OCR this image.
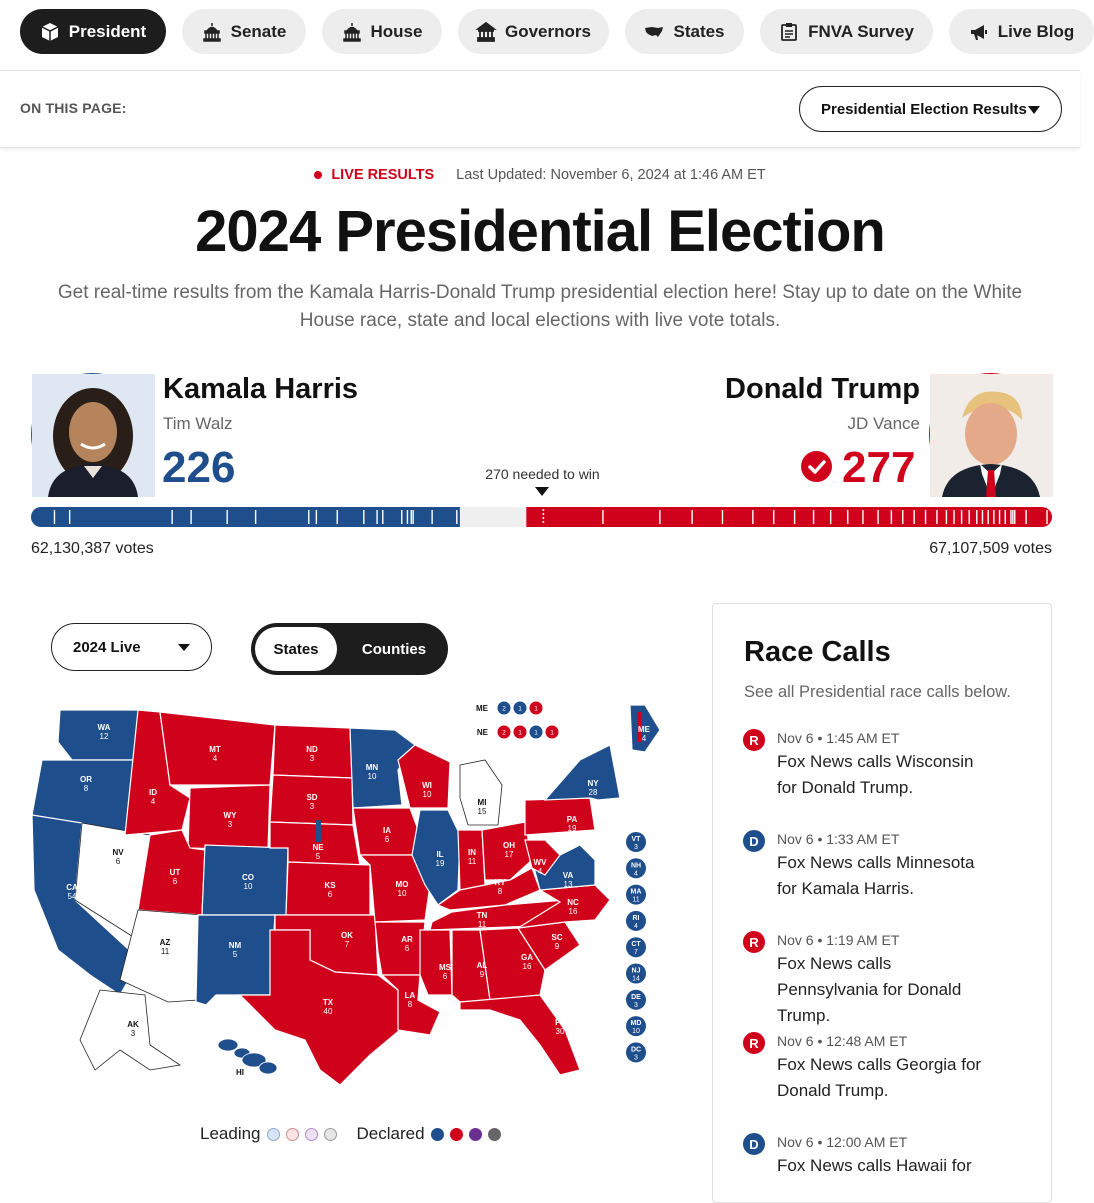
President	Senate	House	Governors	States	FNVA Survey	Live Blog
ON THIS PAGE:	Presidential Election Results
LIVE RESULTS Last Updated: November 6, 2024 at 1:46 AM ET
2024 Presidential Election

Get real-time results from the Kamala Harris-Donald Trump presidential election here! Stay up to date on the White House race, state and local elections with live vote totals.

Kamala Harris
Tim Walz
226
Donald Trump
JD Vance
277
270 needed to win
62,130,387 votes	67,107,509 votes
2024 Live	States	Counties
WA
12
OR
8
CA
54
NV
6
ID
4
MT
4
WY
3
UT
6
AZ
11
CO
10
NM
5
ND
3
SD
3
NE
5
KS
6
OK
7
TX
40
MN
10
IA
6
MO
10
AR
6
LA
8
WI
10
IL
19
MI
15
IN
11
OH
17
KY
8
TN
11
MS
6
AL
9
GA
16
FL
30
SC
9
NC
16
VA
13
WV
4
PA
19
NY
28
ME
4
AK
3
HI
VT
3
NH
4
MA
11
RI
4
CT
7
NJ
14
DE
3
MD
10
DC
3
ME 2 1 1
NE 2 1 1 1
Leading	Declared
Race Calls
See all Presidential race calls below.
R	Nov 6 • 1:45 AM ET
Fox News calls Wisconsin for Donald Trump.
D	Nov 6 • 1:33 AM ET
Fox News calls Minnesota for Kamala Harris.
R	Nov 6 • 1:19 AM ET
Fox News calls Pennsylvania for Donald Trump.
R	Nov 6 • 12:48 AM ET
Fox News calls Georgia for Donald Trump.
D	Nov 6 • 12:00 AM ET
Fox News calls Hawaii for
